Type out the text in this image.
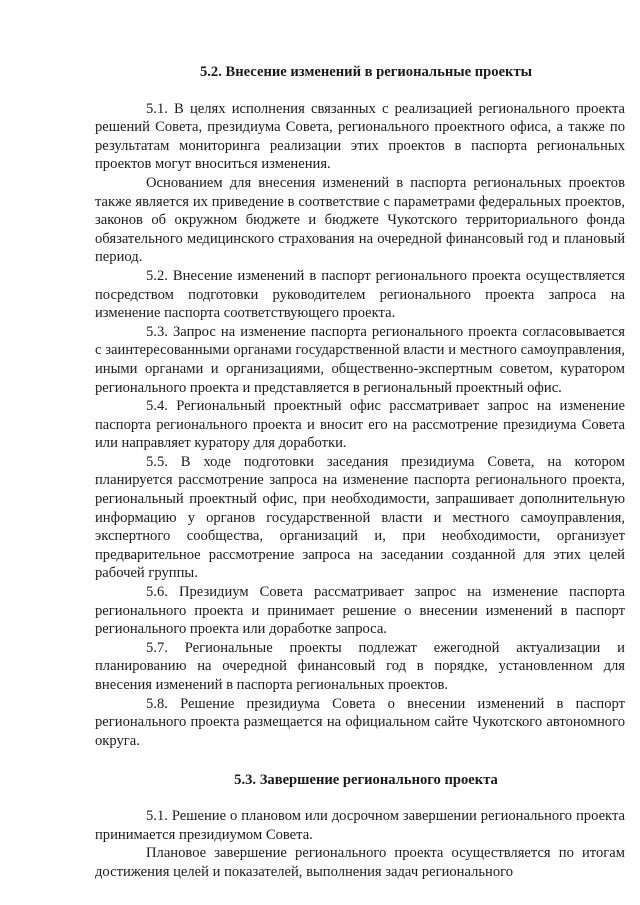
5.2. Внесение изменений в региональные проекты

5.1. В целях исполнения связанных с реализацией регионального проекта решений Совета, президиума Совета, регионального проектного офиса, а также по результатам мониторинга реализации этих проектов в паспорта региональных проектов могут вноситься изменения.

Основанием для внесения изменений в паспорта региональных проектов также является их приведение в соответствие с параметрами федеральных проектов, законов об окружном бюджете и бюджете Чукотского территориального фонда обязательного медицинского страхования на очередной финансовый год и плановый период.

5.2. Внесение изменений в паспорт регионального проекта осуществляется посредством подготовки руководителем регионального проекта запроса на изменение паспорта соответствующего проекта.

5.3. Запрос на изменение паспорта регионального проекта согласовывается с заинтересованными органами государственной власти и местного самоуправления, иными органами и организациями, общественно-экспертным советом, куратором регионального проекта и представляется в региональный проектный офис.

5.4. Региональный проектный офис рассматривает запрос на изменение паспорта регионального проекта и вносит его на рассмотрение президиума Совета или направляет куратору для доработки.

5.5. В ходе подготовки заседания президиума Совета, на котором планируется рассмотрение запроса на изменение паспорта регионального проекта, региональный проектный офис, при необходимости, запрашивает дополнительную информацию у органов государственной власти и местного самоуправления, экспертного сообщества, организаций и, при необходимости, организует предварительное рассмотрение запроса на заседании созданной для этих целей рабочей группы.

5.6. Президиум Совета рассматривает запрос на изменение паспорта регионального проекта и принимает решение о внесении изменений в паспорт регионального проекта или доработке запроса.

5.7. Региональные проекты подлежат ежегодной актуализации и планированию на очередной финансовый год в порядке, установленном для внесения изменений в паспорта региональных проектов.

5.8. Решение президиума Совета о внесении изменений в паспорт регионального проекта размещается на официальном сайте Чукотского автономного округа.

5.3. Завершение регионального проекта

5.1. Решение о плановом или досрочном завершении регионального проекта принимается президиумом Совета.

Плановое завершение регионального проекта осуществляется по итогам достижения целей и показателей, выполнения задач регионального
